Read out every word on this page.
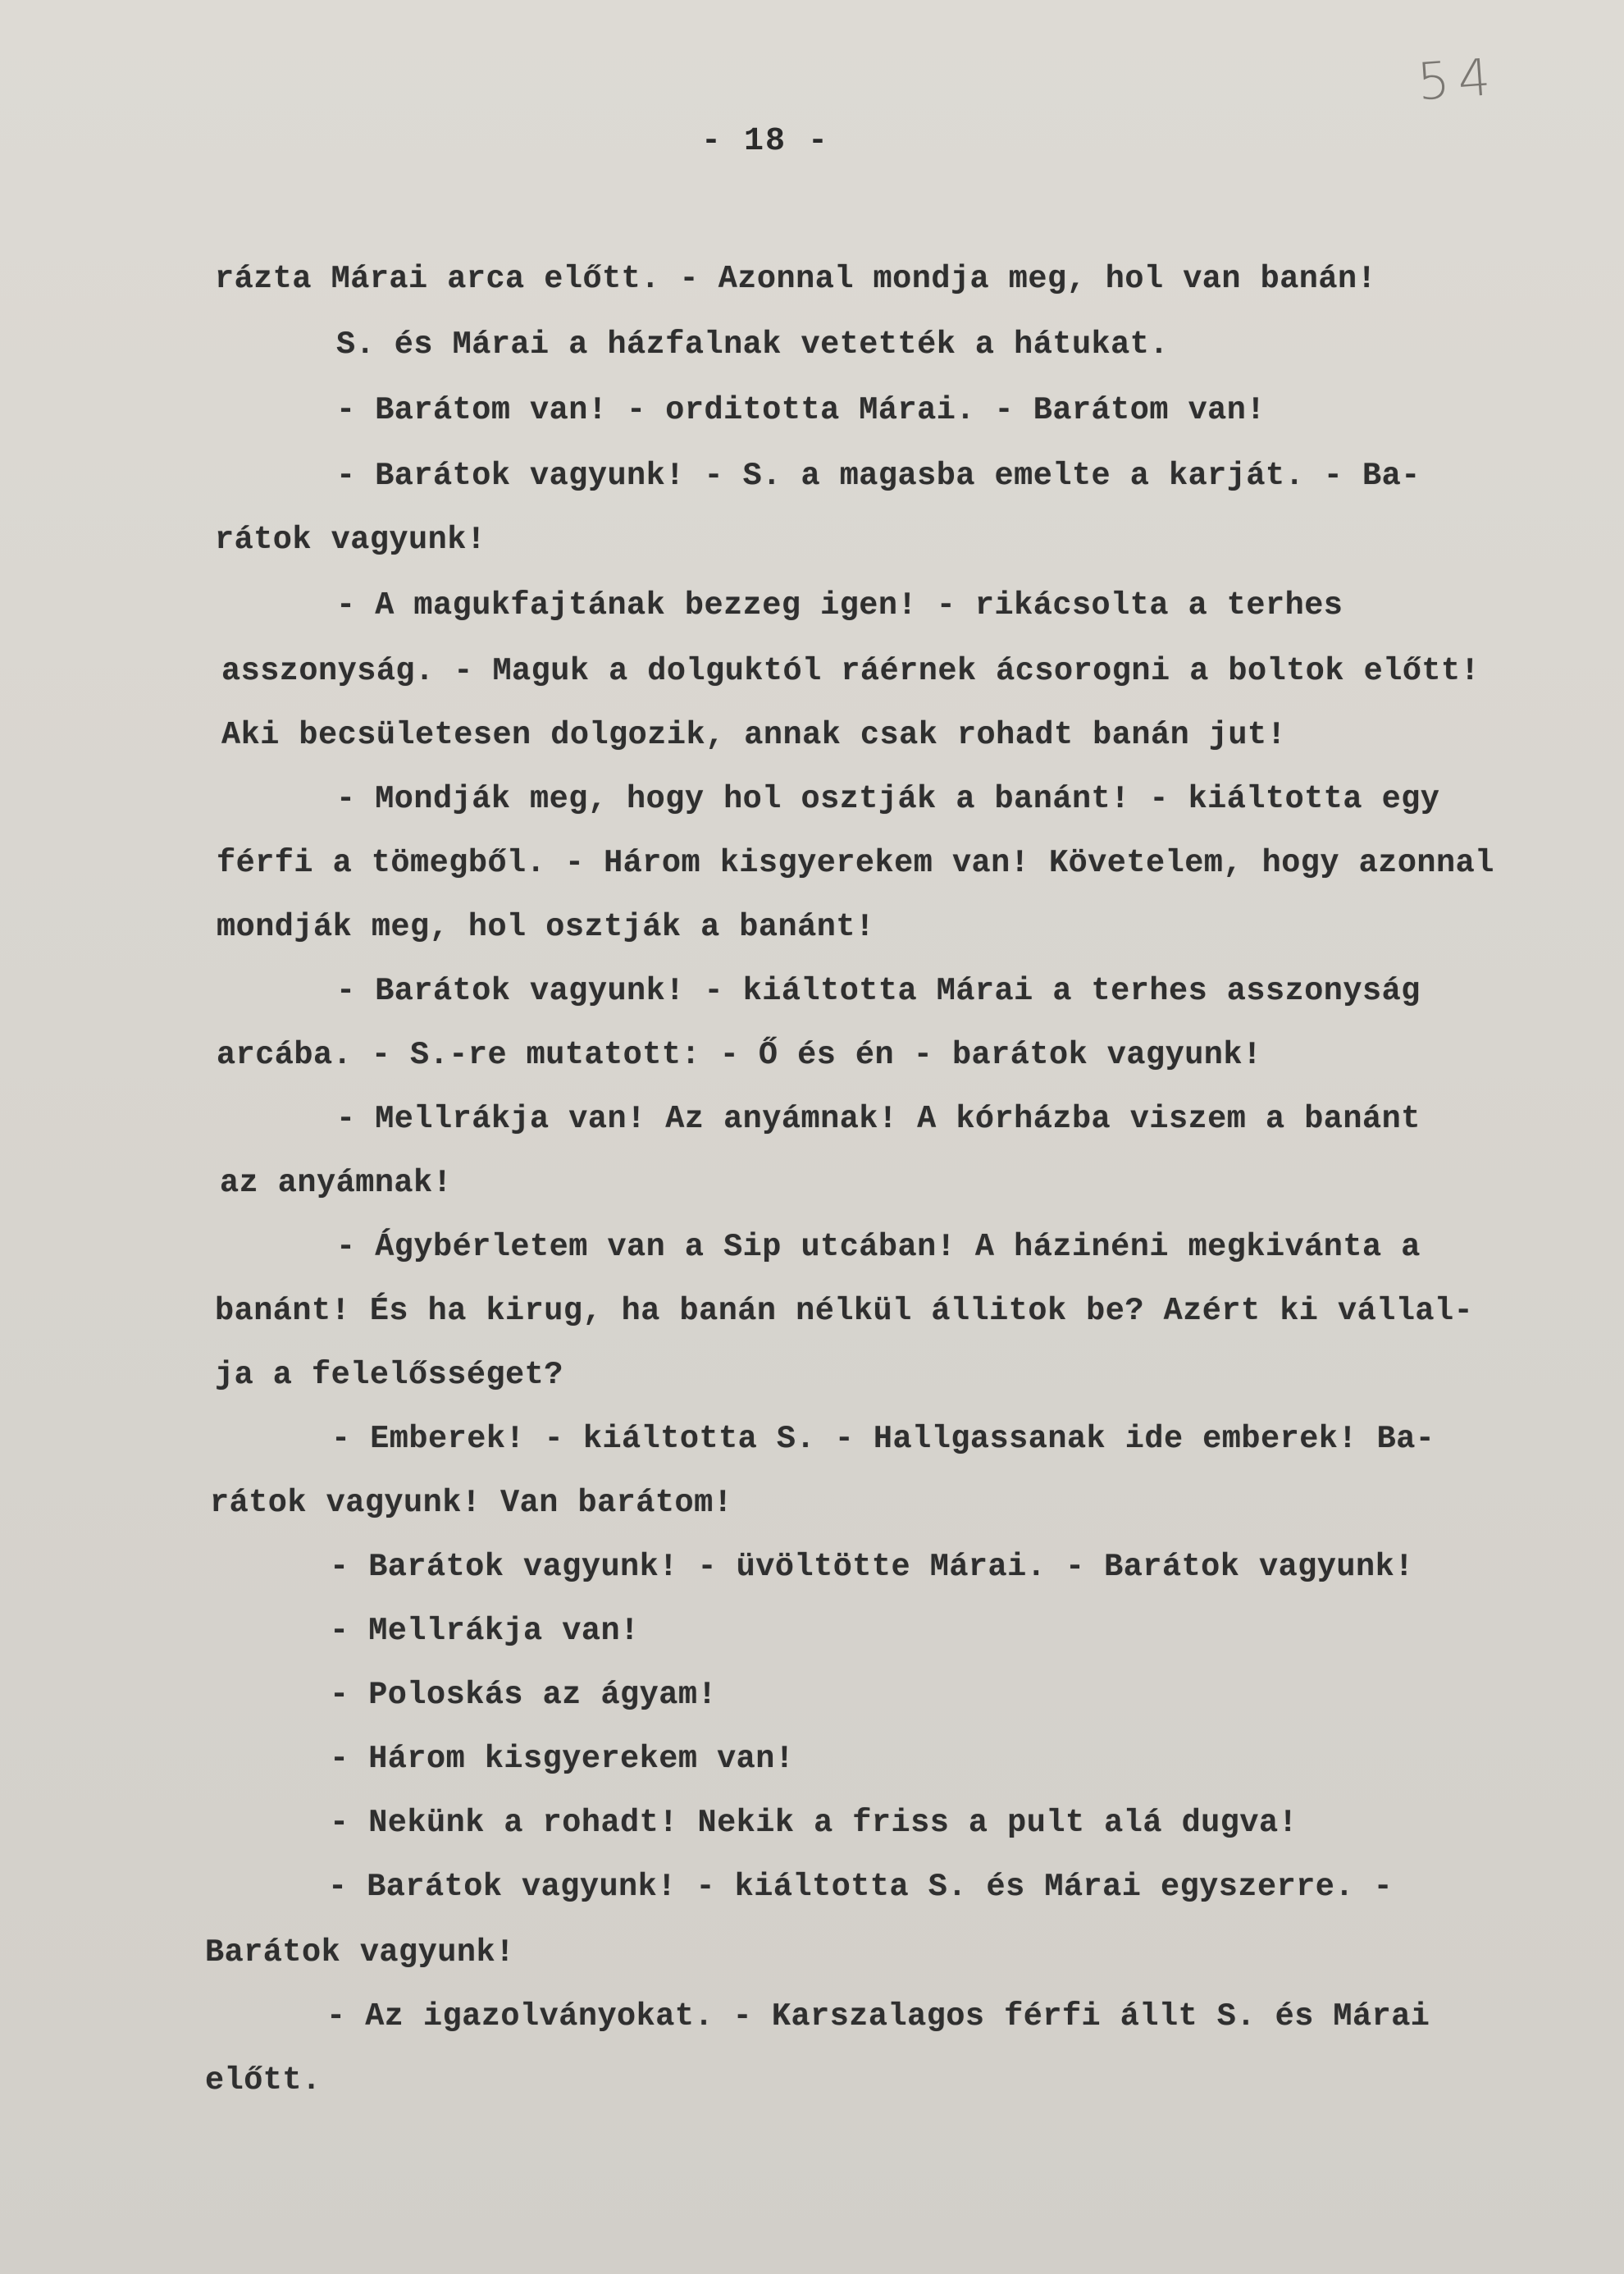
54
- 18 -
rázta Márai arca előtt. - Azonnal mondja meg, hol van banán!
S. és Márai a házfalnak vetették a hátukat.
- Barátom van! - orditotta Márai. - Barátom van!
- Barátok vagyunk! - S. a magasba emelte a karját. - Ba-
rátok vagyunk!
- A magukfajtának bezzeg igen! - rikácsolta a terhes
asszonyság. - Maguk a dolguktól ráérnek ácsorogni a boltok előtt!
Aki becsületesen dolgozik, annak csak rohadt banán jut!
- Mondják meg, hogy hol osztják a banánt! - kiáltotta egy
férfi a tömegből. - Három kisgyerekem van! Követelem, hogy azonnal
mondják meg, hol osztják a banánt!
- Barátok vagyunk! - kiáltotta Márai a terhes asszonyság
arcába. - S.-re mutatott: - Ő és én - barátok vagyunk!
- Mellrákja van! Az anyámnak! A kórházba viszem a banánt
az anyámnak!
- Ágybérletem van a Sip utcában! A házinéni megkivánta a
banánt! És ha kirug, ha banán nélkül állitok be? Azért ki vállal-
ja a felelősséget?
- Emberek! - kiáltotta S. - Hallgassanak ide emberek! Ba-
rátok vagyunk! Van barátom!
- Barátok vagyunk! - üvöltötte Márai. - Barátok vagyunk!
- Mellrákja van!
- Poloskás az ágyam!
- Három kisgyerekem van!
- Nekünk a rohadt! Nekik a friss a pult alá dugva!
- Barátok vagyunk! - kiáltotta S. és Márai egyszerre. -
Barátok vagyunk!
- Az igazolványokat. - Karszalagos férfi állt S. és Márai
előtt.
